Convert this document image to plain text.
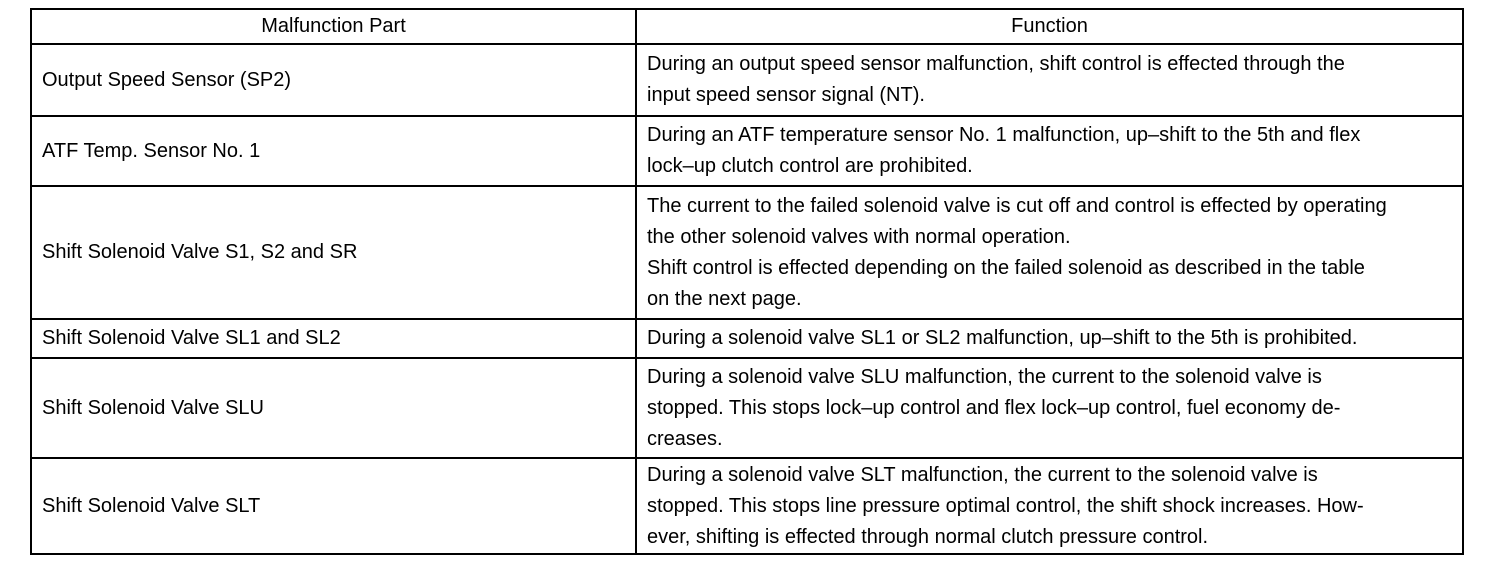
Malfunction Part	Function
Output Speed Sensor (SP2)	During an output speed sensor malfunction, shift control is effected through the
input speed sensor signal (NT).

ATF Temp. Sensor No. 1	During an ATF temperature sensor No. 1 malfunction, up–shift to the 5th and flex
lock–up clutch control are prohibited.

Shift Solenoid Valve S1, S2 and SR	The current to the failed solenoid valve is cut off and control is effected by operating
the other solenoid valves with normal operation.
Shift control is effected depending on the failed solenoid as described in the table
on the next page.

Shift Solenoid Valve SL1 and SL2	During a solenoid valve SL1 or SL2 malfunction, up–shift to the 5th is prohibited.

Shift Solenoid Valve SLU	During a solenoid valve SLU malfunction, the current to the solenoid valve is
stopped. This stops lock–up control and flex lock–up control, fuel economy de-
creases.

Shift Solenoid Valve SLT	During a solenoid valve SLT malfunction, the current to the solenoid valve is
stopped. This stops line pressure optimal control, the shift shock increases. How-
ever, shifting is effected through normal clutch pressure control.
